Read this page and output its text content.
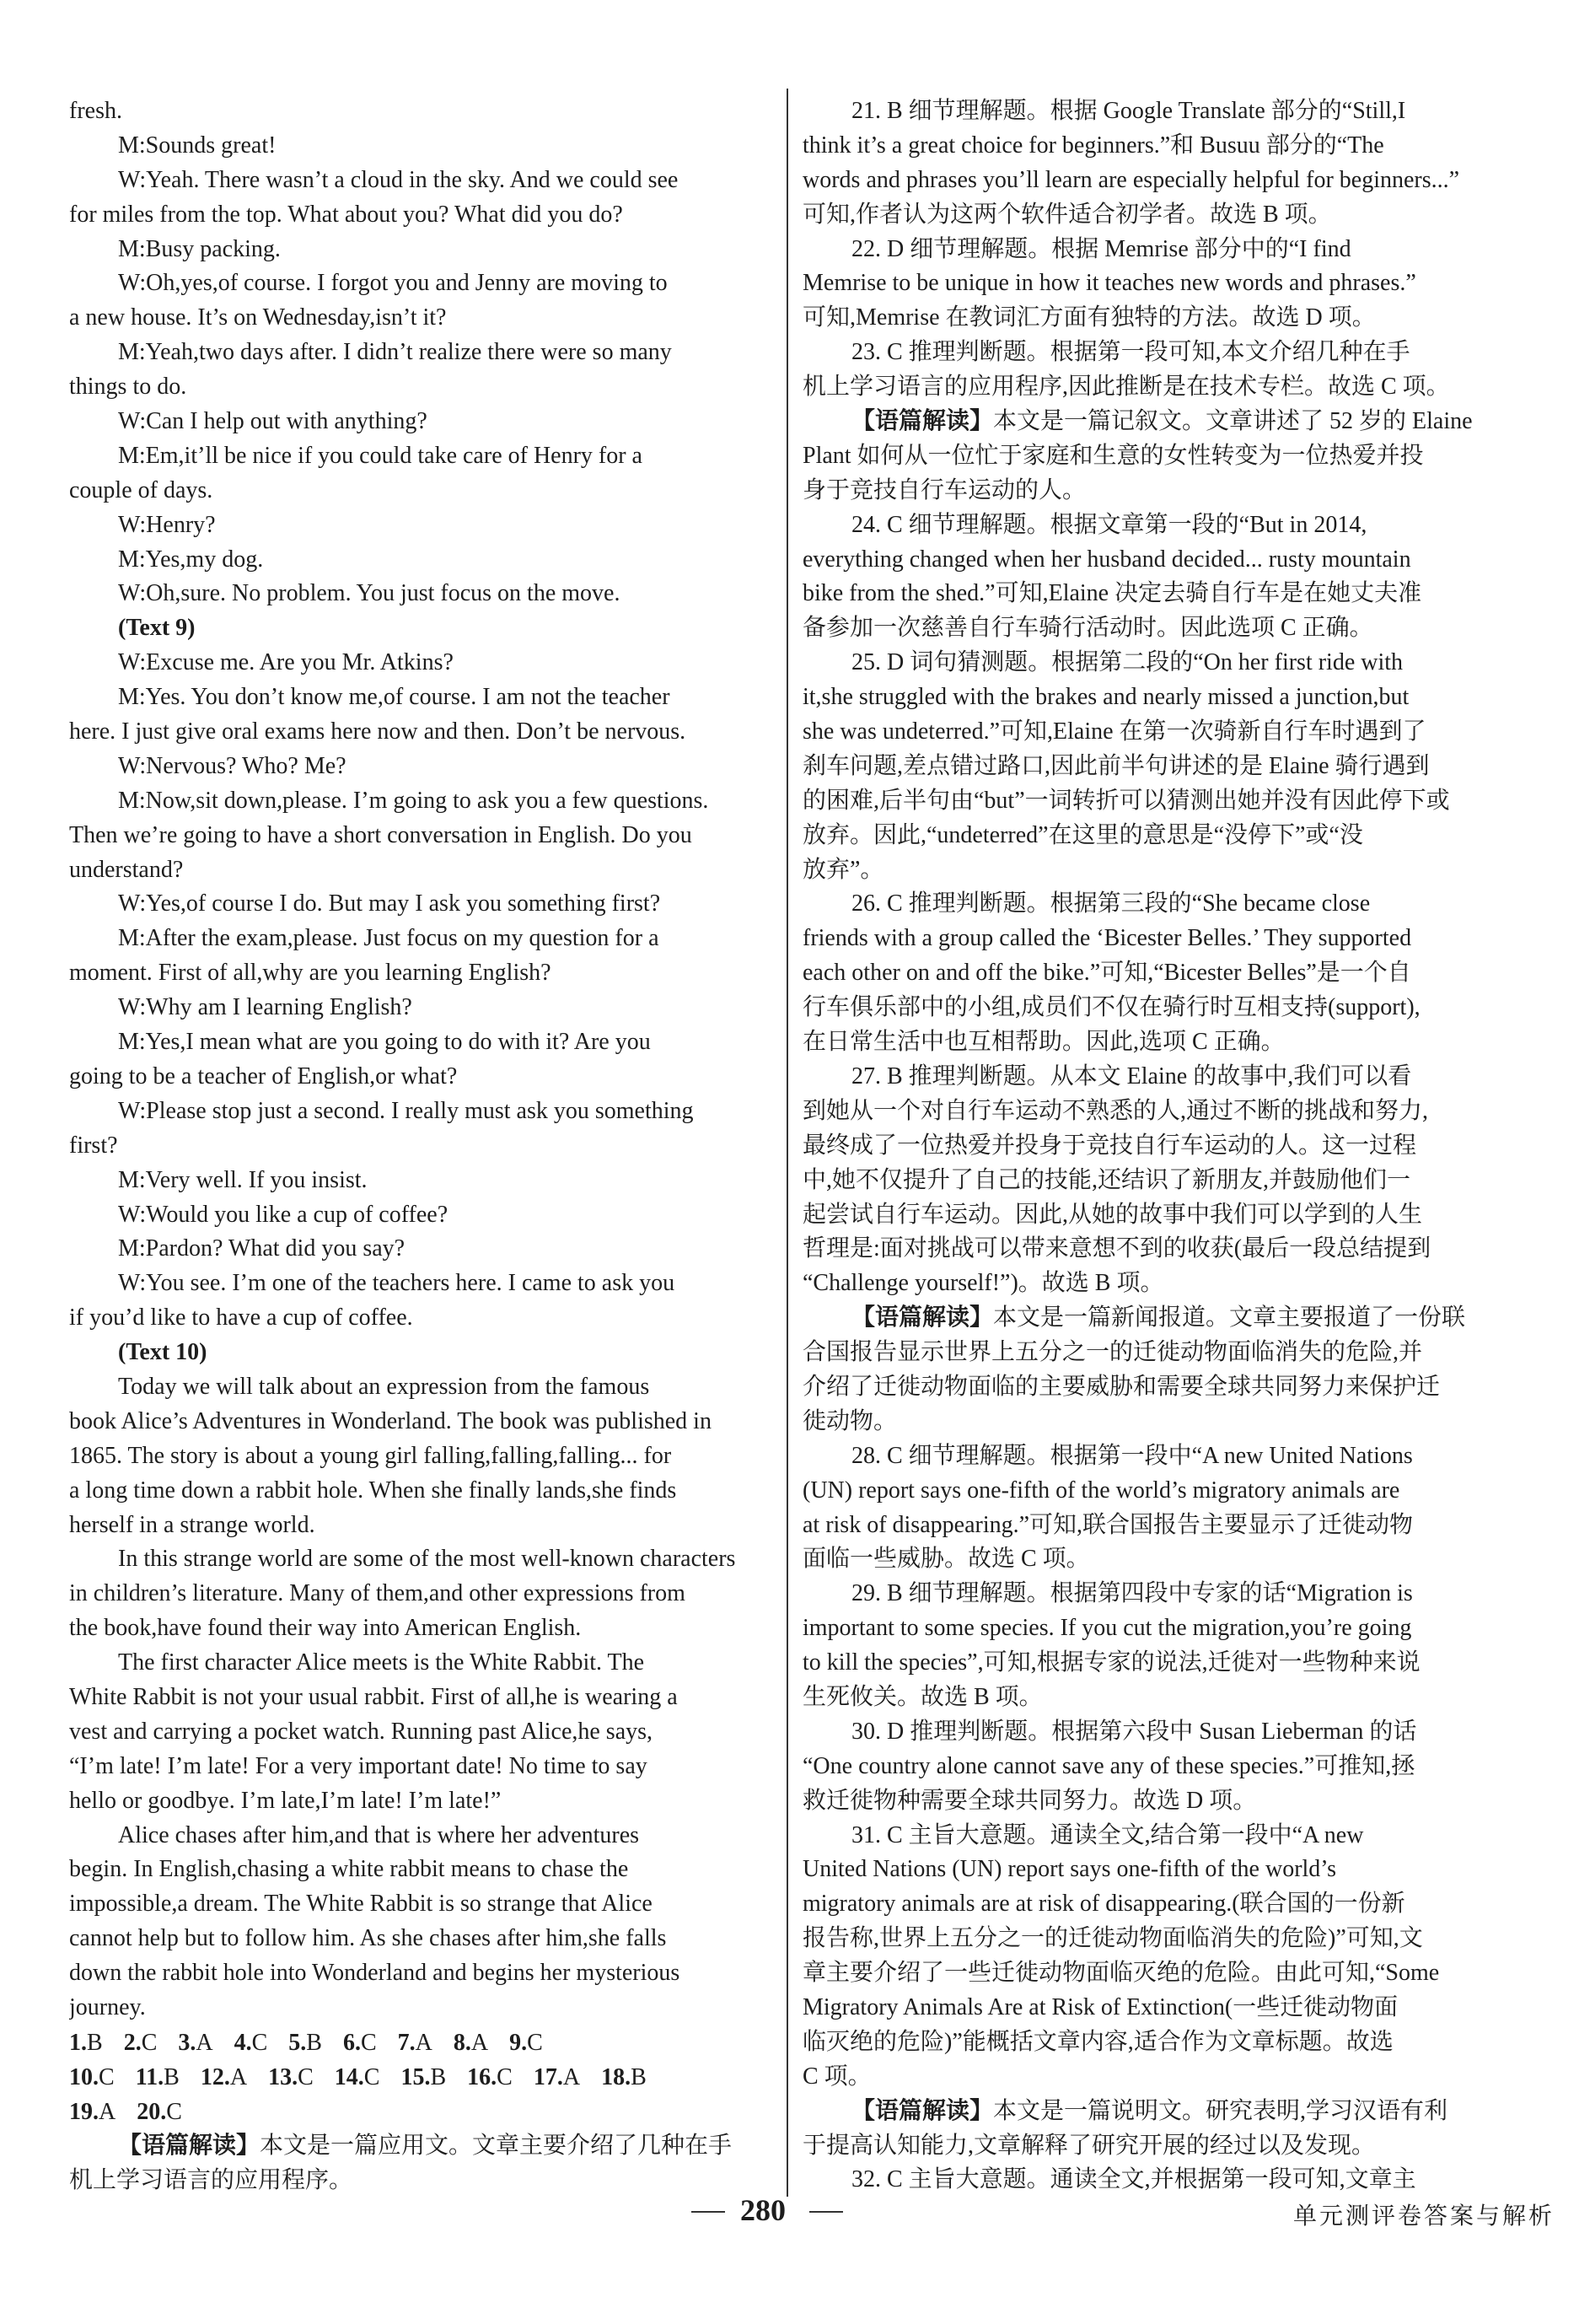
fresh.
M:Sounds great!
W:Yeah. There wasn’t a cloud in the sky. And we could see
for miles from the top. What about you? What did you do?
M:Busy packing.
W:Oh,yes,of course. I forgot you and Jenny are moving to
a new house. It’s on Wednesday,isn’t it?
M:Yeah,two days after. I didn’t realize there were so many
things to do.
W:Can I help out with anything?
M:Em,it’ll be nice if you could take care of Henry for a
couple of days.
W:Henry?
M:Yes,my dog.
W:Oh,sure. No problem. You just focus on the move.
(Text 9)
W:Excuse me. Are you Mr. Atkins?
M:Yes. You don’t know me,of course. I am not the teacher
here. I just give oral exams here now and then. Don’t be nervous.
W:Nervous? Who? Me?
M:Now,sit down,please. I’m going to ask you a few questions.
Then we’re going to have a short conversation in English. Do you
understand?
W:Yes,of course I do. But may I ask you something first?
M:After the exam,please. Just focus on my question for a
moment. First of all,why are you learning English?
W:Why am I learning English?
M:Yes,I mean what are you going to do with it? Are you
going to be a teacher of English,or what?
W:Please stop just a second. I really must ask you something
first?
M:Very well. If you insist.
W:Would you like a cup of coffee?
M:Pardon? What did you say?
W:You see. I’m one of the teachers here. I came to ask you
if you’d like to have a cup of coffee.
(Text 10)
Today we will talk about an expression from the famous
book Alice’s Adventures in Wonderland. The book was published in
1865. The story is about a young girl falling,falling,falling... for
a long time down a rabbit hole. When she finally lands,she finds
herself in a strange world.
In this strange world are some of the most well-known characters
in children’s literature. Many of them,and other expressions from
the book,have found their way into American English.
The first character Alice meets is the White Rabbit. The
White Rabbit is not your usual rabbit. First of all,he is wearing a
vest and carrying a pocket watch. Running past Alice,he says,
“I’m late! I’m late! For a very important date! No time to say
hello or goodbye. I’m late,I’m late! I’m late!”
Alice chases after him,and that is where her adventures
begin. In English,chasing a white rabbit means to chase the
impossible,a dream. The White Rabbit is so strange that Alice
cannot help but to follow him. As she chases after him,she falls
down the rabbit hole into Wonderland and begins her mysterious
journey.
1.B 2.C 3.A 4.C 5.B 6.C 7.A 8.A 9.C
10.C 11.B 12.A 13.C 14.C 15.B 16.C 17.A 18.B
19.A 20.C
【语篇解读】本文是一篇应用文。文章主要介绍了几种在手
机上学习语言的应用程序。
21. B 细节理解题。根据 Google Translate 部分的“Still,I
think it’s a great choice for beginners.”和 Busuu 部分的“The
words and phrases you’ll learn are especially helpful for beginners...”
可知,作者认为这两个软件适合初学者。故选 B 项。
22. D 细节理解题。根据 Memrise 部分中的“I find
Memrise to be unique in how it teaches new words and phrases.”
可知,Memrise 在教词汇方面有独特的方法。故选 D 项。
23. C 推理判断题。根据第一段可知,本文介绍几种在手
机上学习语言的应用程序,因此推断是在技术专栏。故选 C 项。
【语篇解读】本文是一篇记叙文。文章讲述了 52 岁的 Elaine
Plant 如何从一位忙于家庭和生意的女性转变为一位热爱并投
身于竞技自行车运动的人。
24. C 细节理解题。根据文章第一段的“But in 2014,
everything changed when her husband decided... rusty mountain
bike from the shed.”可知,Elaine 决定去骑自行车是在她丈夫准
备参加一次慈善自行车骑行活动时。因此选项 C 正确。
25. D 词句猜测题。根据第二段的“On her first ride with
it,she struggled with the brakes and nearly missed a junction,but
she was undeterred.”可知,Elaine 在第一次骑新自行车时遇到了
刹车问题,差点错过路口,因此前半句讲述的是 Elaine 骑行遇到
的困难,后半句由“but”一词转折可以猜测出她并没有因此停下或
放弃。因此,“undeterred”在这里的意思是“没停下”或“没
放弃”。
26. C 推理判断题。根据第三段的“She became close
friends with a group called the ‘Bicester Belles.’ They supported
each other on and off the bike.”可知,“Bicester Belles”是一个自
行车俱乐部中的小组,成员们不仅在骑行时互相支持(support),
在日常生活中也互相帮助。因此,选项 C 正确。
27. B 推理判断题。从本文 Elaine 的故事中,我们可以看
到她从一个对自行车运动不熟悉的人,通过不断的挑战和努力,
最终成了一位热爱并投身于竞技自行车运动的人。这一过程
中,她不仅提升了自己的技能,还结识了新朋友,并鼓励他们一
起尝试自行车运动。因此,从她的故事中我们可以学到的人生
哲理是:面对挑战可以带来意想不到的收获(最后一段总结提到
“Challenge yourself!”)。故选 B 项。
【语篇解读】本文是一篇新闻报道。文章主要报道了一份联
合国报告显示世界上五分之一的迁徙动物面临消失的危险,并
介绍了迁徙动物面临的主要威胁和需要全球共同努力来保护迁
徙动物。
28. C 细节理解题。根据第一段中“A new United Nations
(UN) report says one-fifth of the world’s migratory animals are
at risk of disappearing.”可知,联合国报告主要显示了迁徙动物
面临一些威胁。故选 C 项。
29. B 细节理解题。根据第四段中专家的话“Migration is
important to some species. If you cut the migration,you’re going
to kill the species”,可知,根据专家的说法,迁徙对一些物种来说
生死攸关。故选 B 项。
30. D 推理判断题。根据第六段中 Susan Lieberman 的话
“One country alone cannot save any of these species.”可推知,拯
救迁徙物种需要全球共同努力。故选 D 项。
31. C 主旨大意题。通读全文,结合第一段中“A new
United Nations (UN) report says one-fifth of the world’s
migratory animals are at risk of disappearing.(联合国的一份新
报告称,世界上五分之一的迁徙动物面临消失的危险)”可知,文
章主要介绍了一些迁徙动物面临灭绝的危险。由此可知,“Some
Migratory Animals Are at Risk of Extinction(一些迁徙动物面
临灭绝的危险)”能概括文章内容,适合作为文章标题。故选
C 项。
【语篇解读】本文是一篇说明文。研究表明,学习汉语有利
于提高认知能力,文章解释了研究开展的经过以及发现。
32. C 主旨大意题。通读全文,并根据第一段可知,文章主
280	单元测评卷答案与解析
